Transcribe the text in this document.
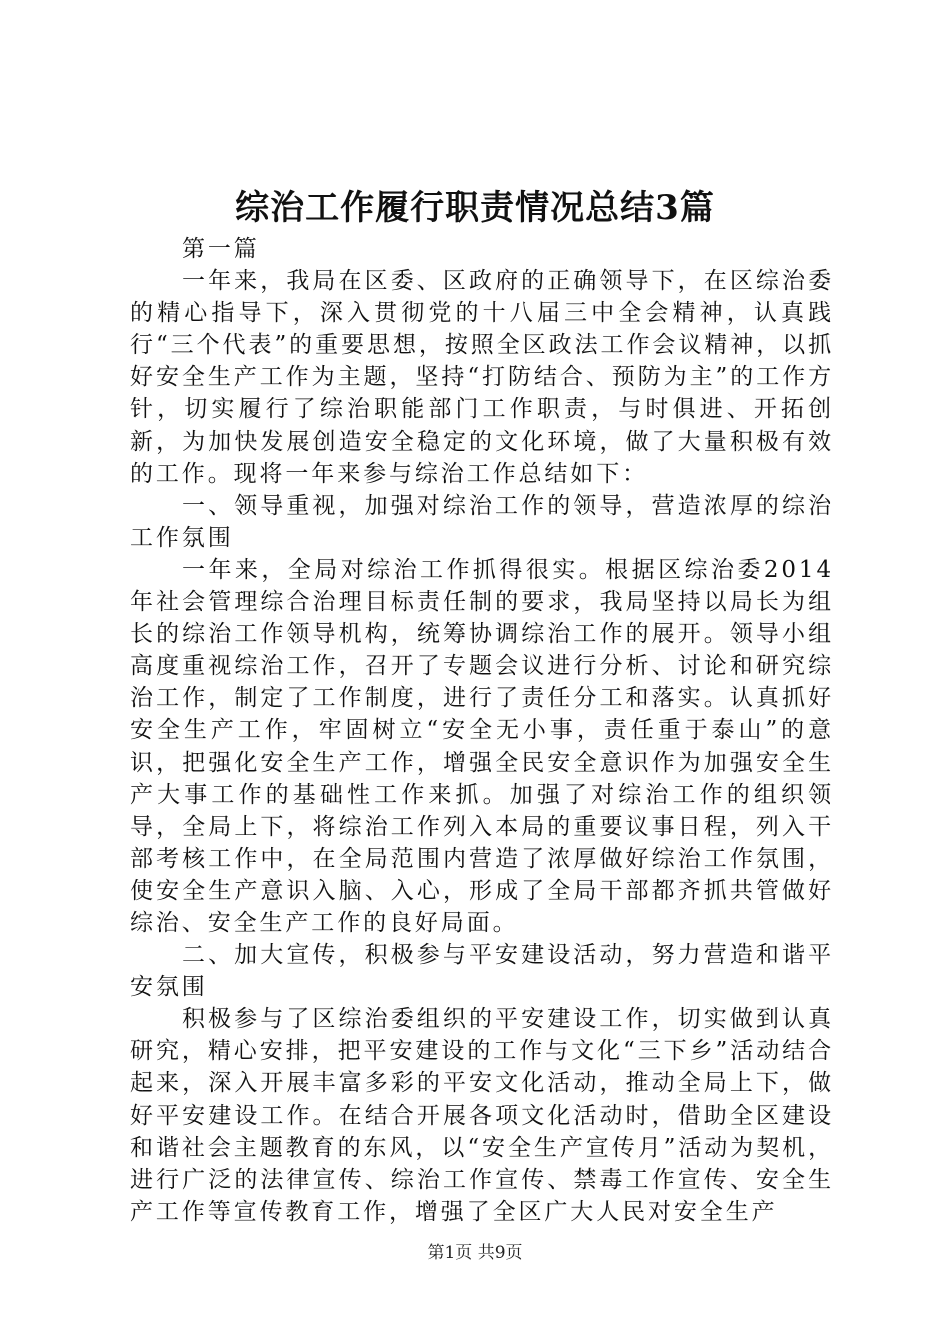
综治工作履行职责情况总结3篇

第一篇

一年来，我局在区委、区政府的正确领导下，在区综治委的精心指导下，深入贯彻党的十八届三中全会精神，认真践行“三个代表”的重要思想，按照全区政法工作会议精神，以抓好安全生产工作为主题，坚持“打防结合、预防为主”的工作方针，切实履行了综治职能部门工作职责，与时俱进、开拓创新，为加快发展创造安全稳定的文化环境，做了大量积极有效的工作。现将一年来参与综治工作总结如下：

一、领导重视，加强对综治工作的领导，营造浓厚的综治工作氛围

一年来，全局对综治工作抓得很实。根据区综治委2014年社会管理综合治理目标责任制的要求，我局坚持以局长为组长的综治工作领导机构，统筹协调综治工作的展开。领导小组高度重视综治工作，召开了专题会议进行分析、讨论和研究综治工作，制定了工作制度，进行了责任分工和落实。认真抓好安全生产工作，牢固树立“安全无小事，责任重于泰山”的意识，把强化安全生产工作，增强全民安全意识作为加强安全生产大事工作的基础性工作来抓。加强了对综治工作的组织领导，全局上下，将综治工作列入本局的重要议事日程，列入干部考核工作中，在全局范围内营造了浓厚做好综治工作氛围，使安全生产意识入脑、入心，形成了全局干部都齐抓共管做好综治、安全生产工作的良好局面。

二、加大宣传，积极参与平安建设活动，努力营造和谐平安氛围

积极参与了区综治委组织的平安建设工作，切实做到认真研究，精心安排，把平安建设的工作与文化“三下乡”活动结合起来，深入开展丰富多彩的平安文化活动，推动全局上下，做好平安建设工作。在结合开展各项文化活动时，借助全区建设和谐社会主题教育的东风，以“安全生产宣传月”活动为契机，进行广泛的法律宣传、综治工作宣传、禁毒工作宣传、安全生产工作等宣传教育工作，增强了全区广大人民对安全生产

第1页 共9页
